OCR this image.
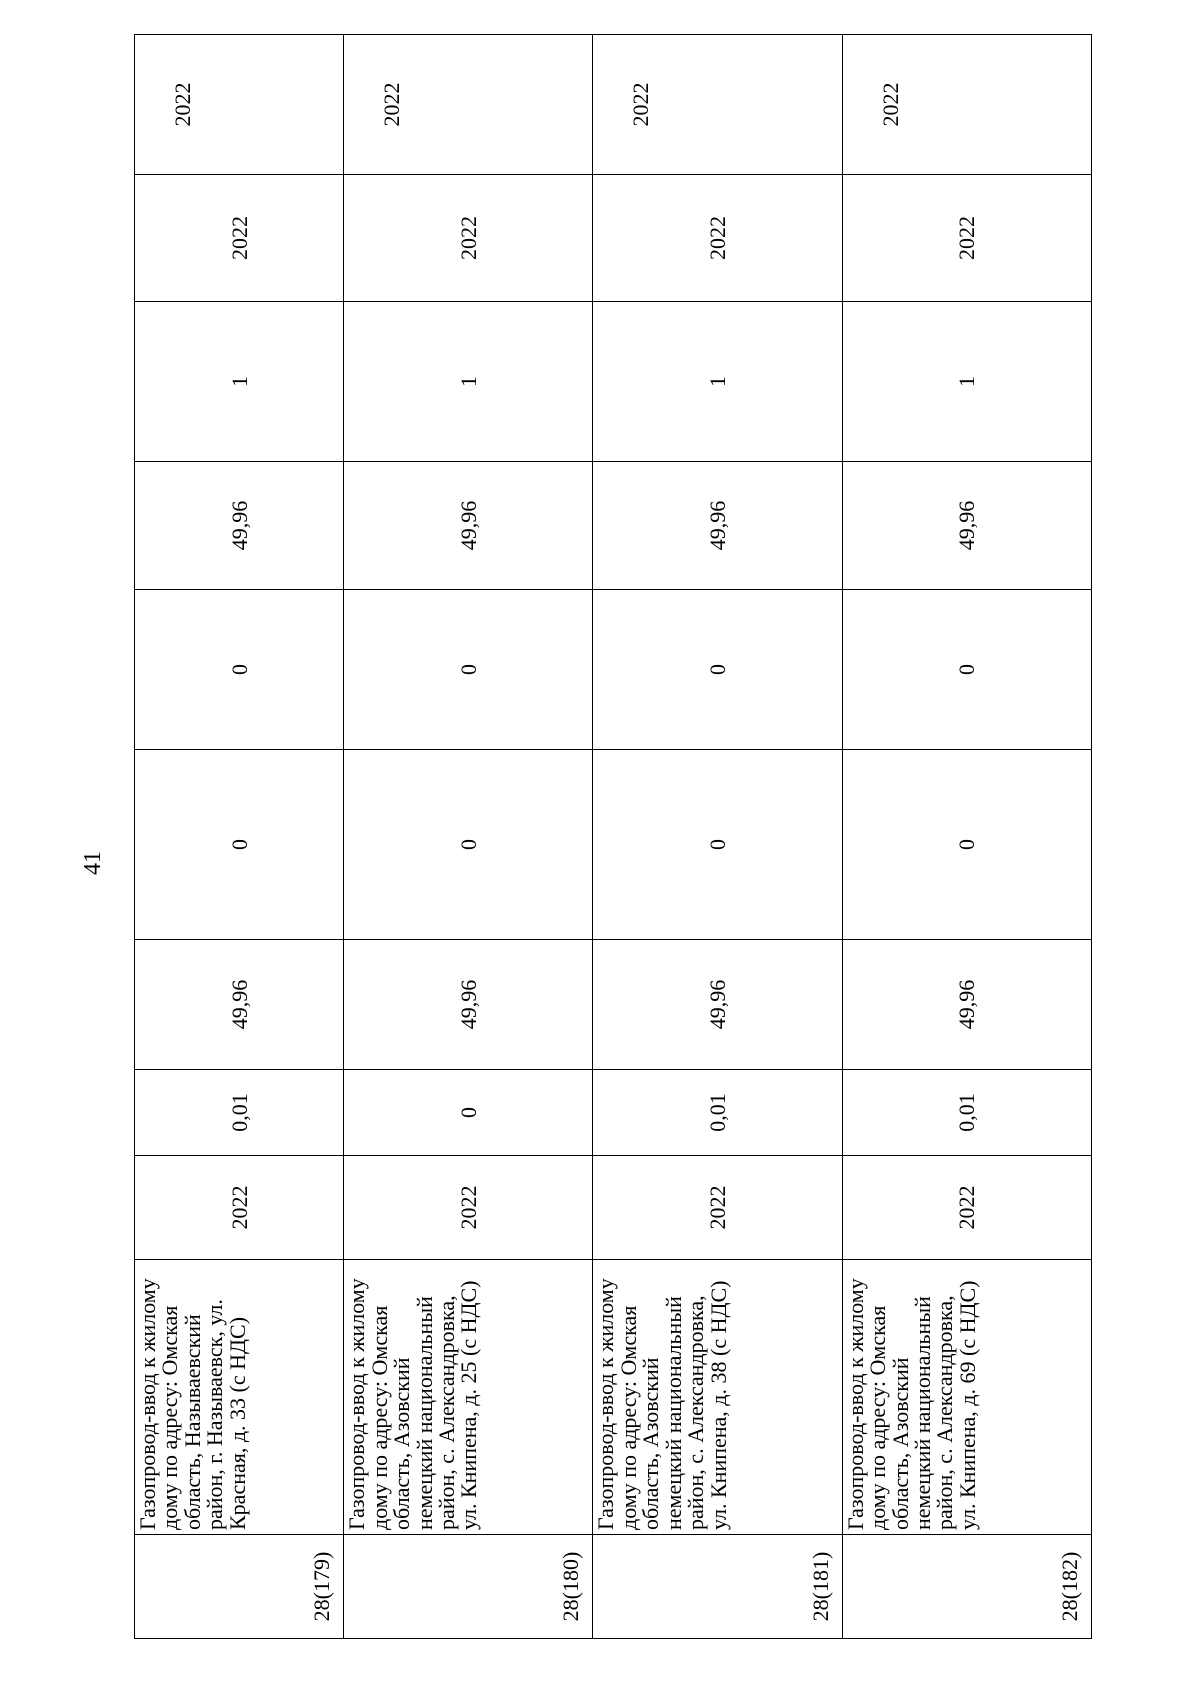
41
28(179)	Газопровод-ввод к жилому дому по адресу: Омская область, Называевский район, г. Называевск, ул. Красная, д. 33 (с НДС)	2022	0,01	49,96	0	0	49,96	1	2022	2022
28(180)	Газопровод-ввод к жилому дому по адресу: Омская область, Азовский немецкий национальный район, с. Александровка, ул. Книпена, д. 25 (с НДС)	2022	0	49,96	0	0	49,96	1	2022	2022
28(181)	Газопровод-ввод к жилому дому по адресу: Омская область, Азовский немецкий национальный район, с. Александровка, ул. Книпена, д. 38 (с НДС)	2022	0,01	49,96	0	0	49,96	1	2022	2022
28(182)	Газопровод-ввод к жилому дому по адресу: Омская область, Азовский немецкий национальный район, с. Александровка, ул. Книпена, д. 69 (с НДС)	2022	0,01	49,96	0	0	49,96	1	2022	2022
